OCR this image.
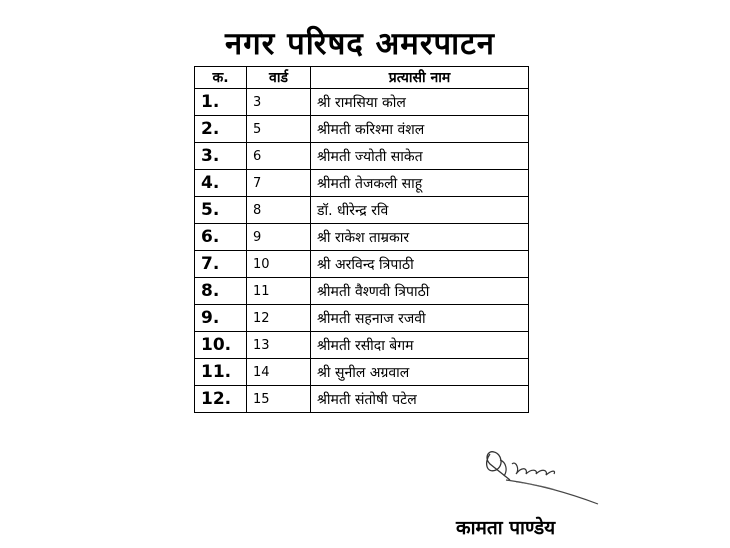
नगर परिषद अमरपाटन
क.	वार्ड	प्रत्यासी नाम
1.	3	श्री रामसिया कोल
2.	5	श्रीमती करिश्मा वंशल
3.	6	श्रीमती ज्योती साकेत
4.	7	श्रीमती तेजकली साहू
5.	8	डॉ. धीरेन्द्र रवि
6.	9	श्री राकेश ताम्रकार
7.	10	श्री अरविन्द त्रिपाठी
8.	11	श्रीमती वैश्णवी त्रिपाठी
9.	12	श्रीमती सहनाज रजवी
10.	13	श्रीमती रसीदा बेगम
11.	14	श्री सुनील अग्रवाल
12.	15	श्रीमती संतोषी पटेल
कामता पाण्डेय
